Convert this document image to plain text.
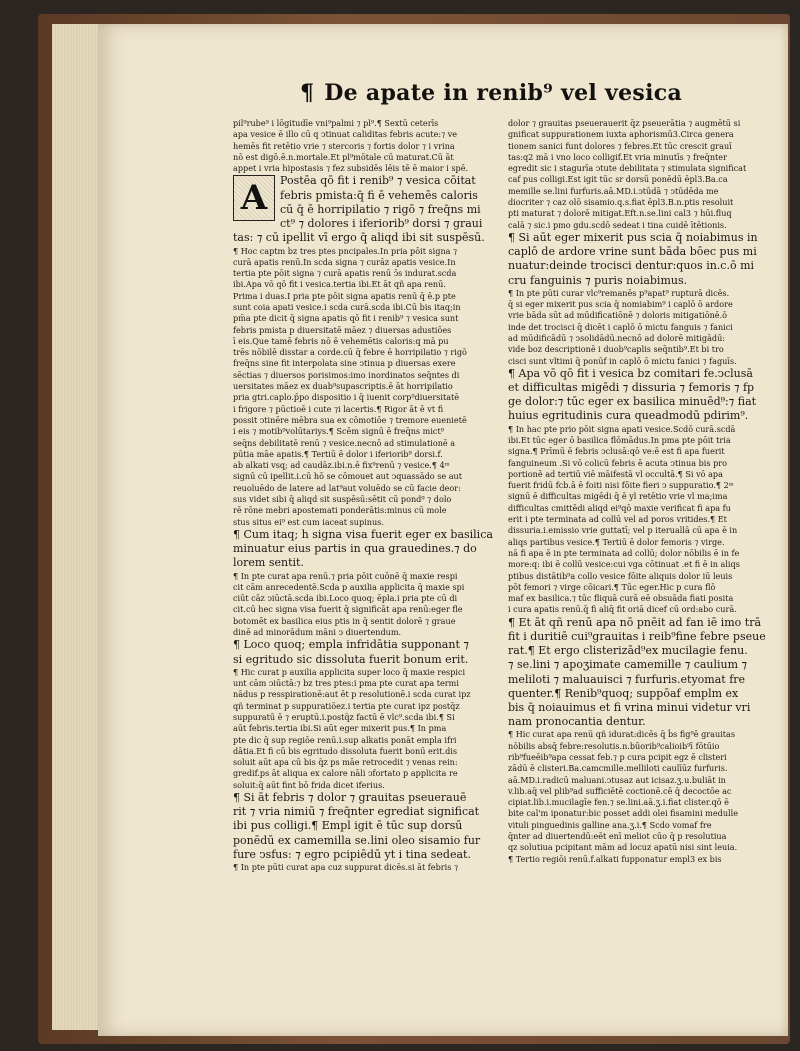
¶ De apate in renib⁹ vel vesica
pil⁹rube⁹ i lōgitudīe vni⁹palmi ⁊ pl⁹.¶ Sextū ceterīs
apa vesice ē illo cū q ↄtinuat caliditas febris acute:⁊ ve
hemēs fit retētio vrie ⁊ stercoris ⁊ fortis dolor ⁊ i vrina
nō est digō.ē.n.mortale.Et pl⁹mōtale cū maturat.Cū āt
appet i vria hipostasis ⁊ fez subsidēs lēis tē ē maior i spē.
A	Postēa qō fit i renib⁹ ⁊ vesica cōitat
febris pmista:q̄ fi ē vehemēs caloris
cū q̄ ē horripilatio ⁊ rigō ⁊ freq̄ns mi
ct⁹ ⁊ dolores i iferiorib⁹ dorsi ⁊ graui
tas: ⁊ cū ipellit vī ergo q̄ aliqd ibi sit suspēsū.
¶ Hoc captm bz tres ptes pncipales.In pria pōit signa ⁊
curā apatis renū.In scda signa ⁊ curāz apatis vesice.In
tertia pte pōit signa ⁊ curā apatis renū ↄ̄s indurat.scda
ibi.Apa vō qō fit i vesica.tertia ibi.Et āt qñ apa renū.
Prima i duas.I pria pte pōit signa apatis renū q̄ ē.p pte
sunt coia apati vesice.i scda curā.scda ibi.Cū bis itaq;in
pm̄a pte dicit q̄ signa apatis qō fit i renib⁹ ⁊ vesica sunt
febris pmista p diuersitatē māez ⁊ diuersas adustiōes
ī eis.Que tamē febris nō ē vehemētis caloris:q mā pu
trēs nōbilē disstar a corde.cū q̄ febre ē horripilatio ⁊ rigō
freq̄ns sine fit interpolata sine ↄtinua p diuersas exere
sēctias ⁊ diuersos porisimos:imo inordinatos seq̄ntes di
uersitates māez ex duab⁹supascriptis.ē āt horripilatio
pria gtri.caplo.p̄po dispositio i q̄ iuenit corp⁹diuersitatē
i frigore ⁊ pūctioē i cute ⁊i lacertis.¶ Rigor āt ē vt fi
possit ↄtinēre mēbra sua ex cōmotiōe ⁊ tremore euenietē
i eis ⁊ motib⁹volūtariys.¶ Scēm signū ē freq̄ns mict⁹
seq̄ns debilitatē renū ⁊ vesice.necnō ad stimulationē a
pūtia māe apatis.¶ Tertiū ē dolor i iferiorib⁹ dorsi.f.
ab alkati vsq; ad caudāz.ibi.n.ē fix⁹renū ⁊ vesice.¶ 4ᵐ
signū cū ipellit.i.cū hō se cōmouet aut ↄquassādo se aut
reuoluēdo de latere ad lat⁹aut voluēdo se cū facie deor:
sus videt sibi q̄ aliqd sit suspēsū:sētit cū pond⁹ ⁊ dolo
rē rōne mebri apostemati ponderātis:minus cū mole
stus situs ei⁹ est cum iaceat supinus.
¶ Cum itaq; h signa visa fuerit eger ex basilica
minuatur eius partis in qua grauedines.⁊ do
lorem sentit.
¶ In pte curat apa renū.⁊ pria pōit cuōnē q̄ maxie respi
cit cām anrecedentē.Scda p auxilia applicita q̄ maxie spi
ciūt cāz ↄiūctā.scda ibi.Loco quoq; ēpla.i pria pte cū di
cit.cū hec signa visa fuerit q̄ significāt apa renū:eger fle
botomēt ex basilica eius ptis in q̄ sentit dolorē ⁊ graue
dinē ad minorādum māni ↄ diuertendum.
¶ Loco quoq; empla infridātia supponant ⁊
si egritudo sic dissoluta fuerit bonum erit.
¶ Hic curat p auxilia applicita super loco q̄ maxie respici
unt cām ↄiūctā:⁊ bz tres ptes:i pma pte curat apa termi
nādus p resspirationē:aut ēt p resolutionē.i scda curat ipz
qñ terminat p suppuratiōez.i tertia pte curat ipz postq̄z
suppuratū ē ⁊ eruptū.i.postq̄z factū ē vlc⁹.scda ibi.¶ Si
aūt febris.tertia ibi.Si aūt eger mixerit pus.¶ In pma
pte dic q̄ sup regiōe renū.i.sup alkatis ponāt empla ifri
dātia.Et fi cū bis egritudo dissoluta fuerit bonū erit.dis
soluit aūt apa cū bis q̄z ps māe retrocedit ⁊ venas rein:
gredif.ps āt aliqua ex calore nāli ↄfortato p applicita re
soluit:q̄ aūt fint bō frida dicet iferius.
¶ Si āt febris ⁊ dolor ⁊ grauitas pseuerauē
rit ⁊ vria nimiū ⁊ freq̄nter egrediat significat
ibi pus colligi.¶ Empl̄ igit ē tūc sup dorsū
ponēdū ex camemilla se.lini oleo sisamio fur
fure ↄsfus: ⁊ egro pcipiēdū yt i tina sedeat.
¶ In pte pūti curat apa cuz suppurat dicēs.si āt febris ⁊
dolor ⁊ grauitas pseuerauerit q̄z pseuerātia ⁊ augmētū si
gnificat suppurationem iuxta aphorismū3.Circa genera
tionem sanici funt dolores ⁊ febres.Et tūc crescit grauī
tas:q2 mā i vno loco colligif.Et vria minutīs ⁊ freq̄nter
egredit sic i stagurīa ↄtute debilitata ⁊ stimulata significat
caf pus colligi.Est igit tūc sr dorsū ponēdū ēpl3.Ba.ca
memille se.lini furfuris.aā.MD.i.ↄtūdā ⁊ ↄtūdēda me
diocriter ⁊ caz olō sisamio.q.s.fiat ēpl3.B.n.ptis resoluit
pti maturat ⁊ dolorē mitigat.Eft.n.se.lini cal3 ⁊ hūi.fluq
calā ⁊ sic.i pmo gdu.scdō sedeat i tina cuidē ītētionis.
¶ Si aūt eger mixerit pus scia q̄ noiabimus in
caplō de ardore vrine sunt bāda bōec pus mi
nuatur:deinde trocisci dentur:quos in.c.ō mi
cru fanguinis ⁊ puris noiabimus.
¶ In pte pūti curar vlc⁹remanēs p⁹apat⁹ rupturā dicēs.
q̄ si eger mixerit pus scia q̄ nomiabim⁹ i caplō ō ardore
vrie bāda sūt ad mūdificatiōnē ⁊ doloris mitigatiōnē.ō
inde det trocisci q̄ dicēt i caplō ō mictu fanguis ⁊ fanici
ad mūdificādū ⁊ ↄsolidādū.necnō ad dolorē mitigādū:
vide boz descriptionē i duob⁹caplis seq̄ntib⁹.Et bi tro
cisci sunt vltimi q̄ ponūf in caplō ō mictu fanici ⁊ faguīs.
¶ Apa vō qō fit i vesica bz comitari fe.ↄclusā
et difficultas migēdi ⁊ dissuria ⁊ femoris ⁊ fp
ge dolor:⁊ tūc eger ex basilica minuēd⁹:⁊ fiat
huius egritudinis cura queadmodū pdirim⁹.
¶ In hac pte prio pōit signa apati vesice.Scdō curā.scdā
ibi.Et tūc eger ō basilica flōmādus.In pma pte pōit tria
signa.¶ Prīmū ē febris ↄclusā:qō ve:ē est fi apa fuerit
fanguineum .Si vō colicū febris ē acuta ↄtinua bis pro
portionē ad tertiū viē māifestā vl occultā.¶ Si vō apa
fuerit fridū fcb.ā ē foiti nisi fōite fieri ↄ suppuratio.¶ 2ᵐ
signū ē difficultas migēdi q̄ ē yl retētio vrie vl ma;ima
difficultas cmittēdi aliqd ei⁹qō maxie verificat fi apa fu
erit i pte terminata ad collū vel ad poros vritides.¶ Et
dissuria.i.emissio vrie guttatī; vel p iteruallā cū apa ē in
aliqs partibus vesice.¶ Tertiū ē dolor femoris ⁊ virge.
nā fi apa ē in pte terminata ad collū; dolor nōbilis ē in fe
more:q: ibi ē collū vesice:cui vga cōtinuat .et fi ē in aliqs
ptibus distātib⁹a collo vesice fōite aliquis dolor iū leuis
pōt femori ⁊ virge cōicari.¶ Tūc eger.Hic p cura flō
maf ex basilica.⁊ tūc fliquā curā eē obsuāda fiati posita
i cura apatis renū.q̄ fi aliq̄ fit oriā dicef cū ord:abo curā.
¶ Et āt qñ renū apa nō pnēit ad fan iē imo trā
fit i duritiē cui⁹grauitas i reib⁹fine febre pseue
rat.¶ Et ergo clisterizād⁹ex mucilagie fenu.
⁊ se.lini ⁊ apoʒimate camemille ⁊ caulium ⁊
meliloti ⁊ maluauisci ⁊ furfuris.etyomat fre
quenter.¶ Renib⁹quoq; suppōaf emplm ex
bis q̄ noiauimus et fi vrina minui videtur vri
nam pronocantia dentur.
¶ Hic curat apa renū qñ idurat:dicēs q̄ ḃs fig⁹ē grauitas
nōbilis absq̄ febre:resolutis.n.būorib⁹calioib⁹ī fōtūio
rib⁹fueēib⁹apa cessat feb.⁊ p cura pcipit egz ē clisteri
zādū ē clisteri.Ba.camcmille.melliloti caulīūz furfuris.
aā.MD.i.radicū maluani.ↄtusaz aut icisaz.ʒ.u.buliāt in
v.lib.aq̄ vel plib⁹ad sufficiētē coctionē.cē q̄ decoctōe ac
cipiat.lib.i.mucilagīe fen.⁊ se.lini.aā.ʒ.i.fiat clister.qō ē
bite cal'm iponatur:bic posset addi olei fisamini medulle
vituli pinguedinis galline ana.ʒ.i.¶ Scdo vomaf fre
q̄nter ad diuertendū:eēt enī meliot cūo q̄ p resolutiua
qz solutiua pcipitant mām ad locuz apatū nisi sint leuia.
¶ Tertio regiōi renū.f.alkati fupponatur empl3 ex bis
